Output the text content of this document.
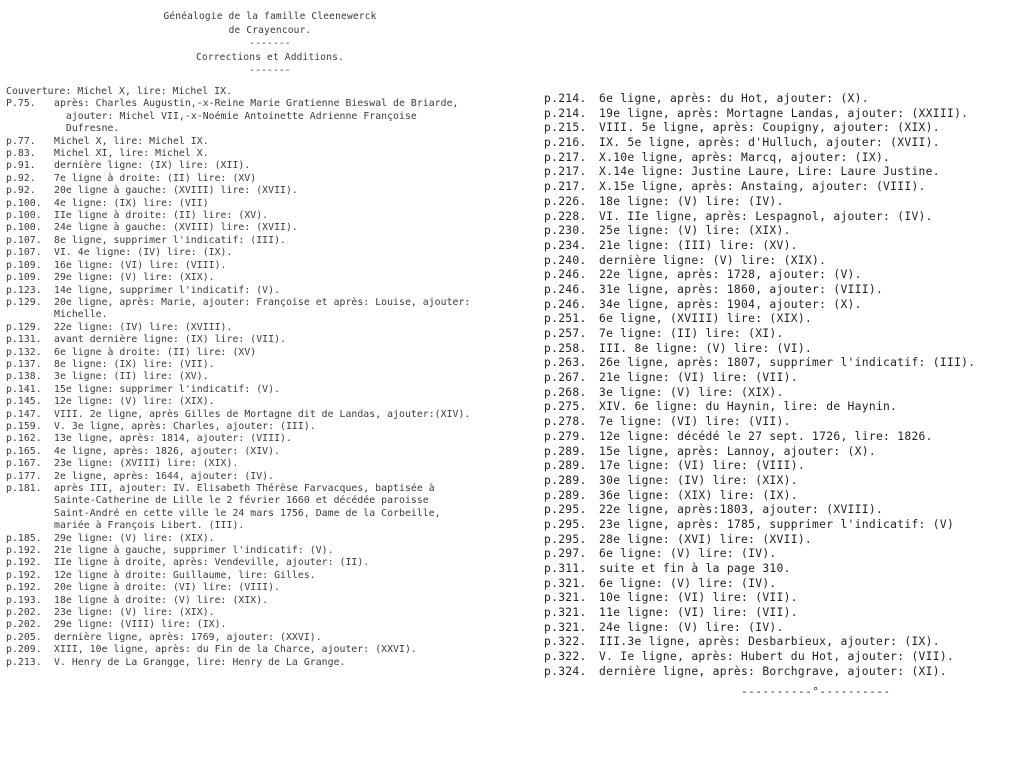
Généalogie de la famille Cleenewerck
de Crayencour.
-------
Corrections et Additions.
-------
Couverture: Michel X, lire: Michel IX.
P.75.	après: Charles Augustin,-x-Reine Marie Gratienne Bieswal de Briarde,
ajouter: Michel VII,-x-Noémie Antoinette Adrienne Françoise
Dufresne.
p.77.	Michel X, lire: Michel IX.
p.83.	Michel XI, lire: Michel X.
p.91.	dernière ligne: (IX) lire: (XII).
p.92.	7e ligne à droite: (II) lire: (XV)
p.92.	20e ligne à gauche: (XVIII) lire: (XVII).
p.100.	4e ligne: (IX) lire: (VII)
p.100.	IIe ligne à droite: (II) lire: (XV).
p.100.	24e ligne à gauche: (XVIII) lire: (XVII).
p.107.	8e ligne, supprimer l'indicatif: (III).
p.107.	VI. 4e ligne: (IV) lire: (IX).
p.109.	16e ligne: (VI) lire: (VIII).
p.109.	29e ligne: (V) lire: (XIX).
p.123.	14e ligne, supprimer l'indicatif: (V).
p.129.	20e ligne, après: Marie, ajouter: Françoise et après: Louise, ajouter:
Michelle.
p.129.	22e ligne: (IV) lire: (XVIII).
p.131.	avant dernière ligne: (IX) lire: (VII).
p.132.	6e ligne à droite: (II) lire: (XV)
p.137.	8e ligne: (IX) lire: (VII).
p.138.	3e ligne: (II) lire: (XV).
p.141.	15e ligne: supprimer l'indicatif: (V).
p.145.	12e ligne: (V) lire: (XIX).
p.147.	VIII. 2e ligne, après Gilles de Mortagne dit de Landas, ajouter:(XIV).
p.159.	V. 3e ligne, après: Charles, ajouter: (III).
p.162.	13e ligne, après: 1814, ajouter: (VIII).
p.165.	4e ligne, après: 1826, ajouter: (XIV).
p.167.	23e ligne: (XVIII) lire: (XIX).
p.177.	2e ligne, après: 1644, ajouter: (IV).
p.181.	après III, ajouter: IV. Elisabeth Thérèse Farvacques, baptisée à
Sainte-Catherine de Lille le 2 février 1660 et décédée paroisse
Saint-André en cette ville le 24 mars 1756, Dame de la Corbeille,
mariée à François Libert. (III).
p.185.	29e ligne: (V) lire: (XIX).
p.192.	21e ligne à gauche, supprimer l'indicatif: (V).
p.192.	IIe ligne à droite, après: Vendeville, ajouter: (II).
p.192.	12e ligne à droite: Guillaume, lire: Gilles.
p.192.	20e ligne à droite: (VI) lire: (VIII).
p.193.	18e ligne à droite: (V) lire: (XIX).
p.202.	23e ligne: (V) lire: (XIX).
p.202.	29e ligne: (VIII) lire: (IX).
p.205.	dernière ligne, après: 1769, ajouter: (XXVI).
p.209.	XIII, 10e ligne, après: du Fin de la Charce, ajouter: (XXVI).
p.213.	V. Henry de La Grangge, lire: Henry de La Grange.
p.214.	6e ligne, après: du Hot, ajouter: (X).
p.214.	19e ligne, après: Mortagne Landas, ajouter: (XXIII).
p.215.	VIII. 5e ligne, après: Coupigny, ajouter: (XIX).
p.216.	IX. 5e ligne, après: d'Hulluch, ajouter: (XVII).
p.217.	X.10e ligne, après: Marcq, ajouter: (IX).
p.217.	X.14e ligne: Justine Laure, Lire: Laure Justine.
p.217.	X.15e ligne, après: Anstaing, ajouter: (VIII).
p.226.	18e ligne: (V) lire: (IV).
p.228.	VI. IIe ligne, après: Lespagnol, ajouter: (IV).
p.230.	25e ligne: (V) lire: (XIX).
p.234.	21e ligne: (III) lire: (XV).
p.240.	dernière ligne: (V) lire: (XIX).
p.246.	22e ligne, après: 1728, ajouter: (V).
p.246.	31e ligne, après: 1860, ajouter: (VIII).
p.246.	34e ligne, après: 1904, ajouter: (X).
p.251.	6e ligne, (XVIII) lire: (XIX).
p.257.	7e ligne: (II) lire: (XI).
p.258.	III. 8e ligne: (V) lire: (VI).
p.263.	26e ligne, après: 1807, supprimer l'indicatif: (III).
p.267.	21e ligne: (VI) lire: (VII).
p.268.	3e ligne: (V) lire: (XIX).
p.275.	XIV. 6e ligne: du Haynin, lire: de Haynin.
p.278.	7e ligne: (VI) lire: (VII).
p.279.	12e ligne: décédé le 27 sept. 1726, lire: 1826.
p.289.	15e ligne, après: Lannoy, ajouter: (X).
p.289.	17e ligne: (VI) lire: (VIII).
p.289.	30e ligne: (IV) lire: (XIX).
p.289.	36e ligne: (XIX) lire: (IX).
p.295.	22e ligne, après:1803, ajouter: (XVIII).
p.295.	23e ligne, après: 1785, supprimer l'indicatif: (V)
p.295.	28e ligne: (XVI) lire: (XVII).
p.297.	6e ligne: (V) lire: (IV).
p.311.	suite et fin à la page 310.
p.321.	6e ligne: (V) lire: (IV).
p.321.	10e ligne: (VI) lire: (VII).
p.321.	11e ligne: (VI) lire: (VII).
p.321.	24e ligne: (V) lire: (IV).
p.322.	III.3e ligne, après: Desbarbieux, ajouter: (IX).
p.322.	V. Ie ligne, après: Hubert du Hot, ajouter: (VII).
p.324.	dernière ligne, après: Borchgrave, ajouter: (XI).
----------°----------
